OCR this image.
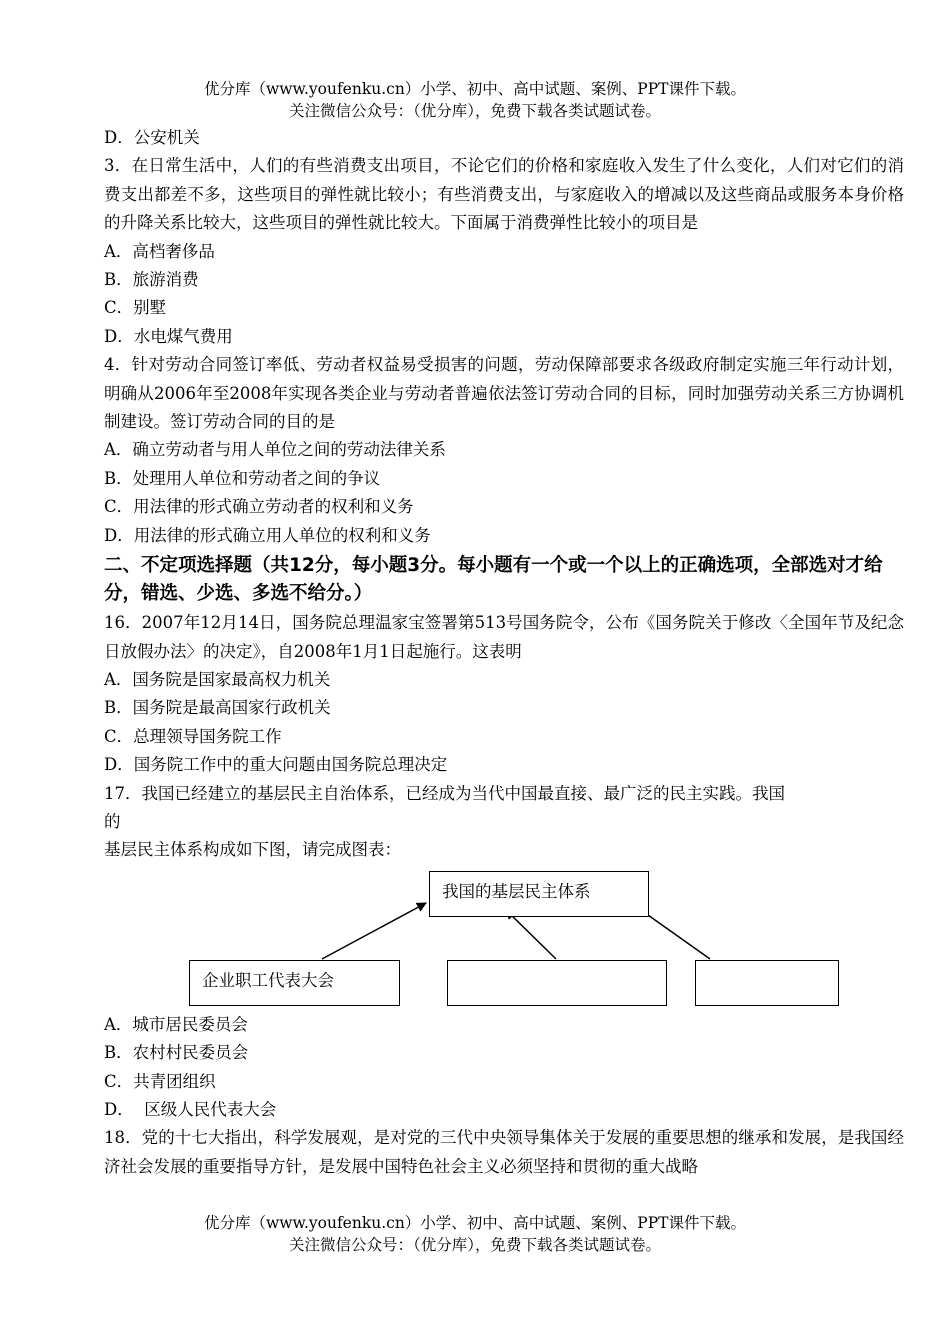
优分库（www.youfenku.cn）小学、初中、高中试题、案例、PPT课件下载。
关注微信公众号：（优分库），免费下载各类试题试卷。
D．公安机关
3．在日常生活中，人们的有些消费支出项目，不论它们的价格和家庭收入发生了什么变化，人们对它们的消费支出都差不多，这些项目的弹性就比较小；有些消费支出，与家庭收入的增减以及这些商品或服务本身价格的升降关系比较大，这些项目的弹性就比较大。下面属于消费弹性比较小的项目是
A．高档奢侈品
B．旅游消费
C．别墅
D．水电煤气费用
4．针对劳动合同签订率低、劳动者权益易受损害的问题，劳动保障部要求各级政府制定实施三年行动计划，明确从2006年至2008年实现各类企业与劳动者普遍依法签订劳动合同的目标，同时加强劳动关系三方协调机制建设。签订劳动合同的目的是
A．确立劳动者与用人单位之间的劳动法律关系
B．处理用人单位和劳动者之间的争议
C．用法律的形式确立劳动者的权利和义务
D．用法律的形式确立用人单位的权利和义务
二、不定项选择题（共12分，每小题3分。每小题有一个或一个以上的正确选项，全部选对才给分，错选、少选、多选不给分。）
16．2007年12月14日，国务院总理温家宝签署第513号国务院令，公布《国务院关于修改〈全国年节及纪念日放假办法〉的决定》，自2008年1月1日起施行。这表明
A．国务院是国家最高权力机关
B．国务院是最高国家行政机关
C．总理领导国务院工作
D．国务院工作中的重大问题由国务院总理决定
17．我国已经建立的基层民主自治体系，已经成为当代中国最直接、最广泛的民主实践。我国
的
基层民主体系构成如下图，请完成图表：
我国的基层民主体系
企业职工代表大会
A．城市居民委员会
B．农村村民委员会
C．共青团组织
D．  区级人民代表大会
18．党的十七大指出，科学发展观，是对党的三代中央领导集体关于发展的重要思想的继承和发展，是我国经济社会发展的重要指导方针，是发展中国特色社会主义必须坚持和贯彻的重大战略
优分库（www.youfenku.cn）小学、初中、高中试题、案例、PPT课件下载。
关注微信公众号：（优分库），免费下载各类试题试卷。
